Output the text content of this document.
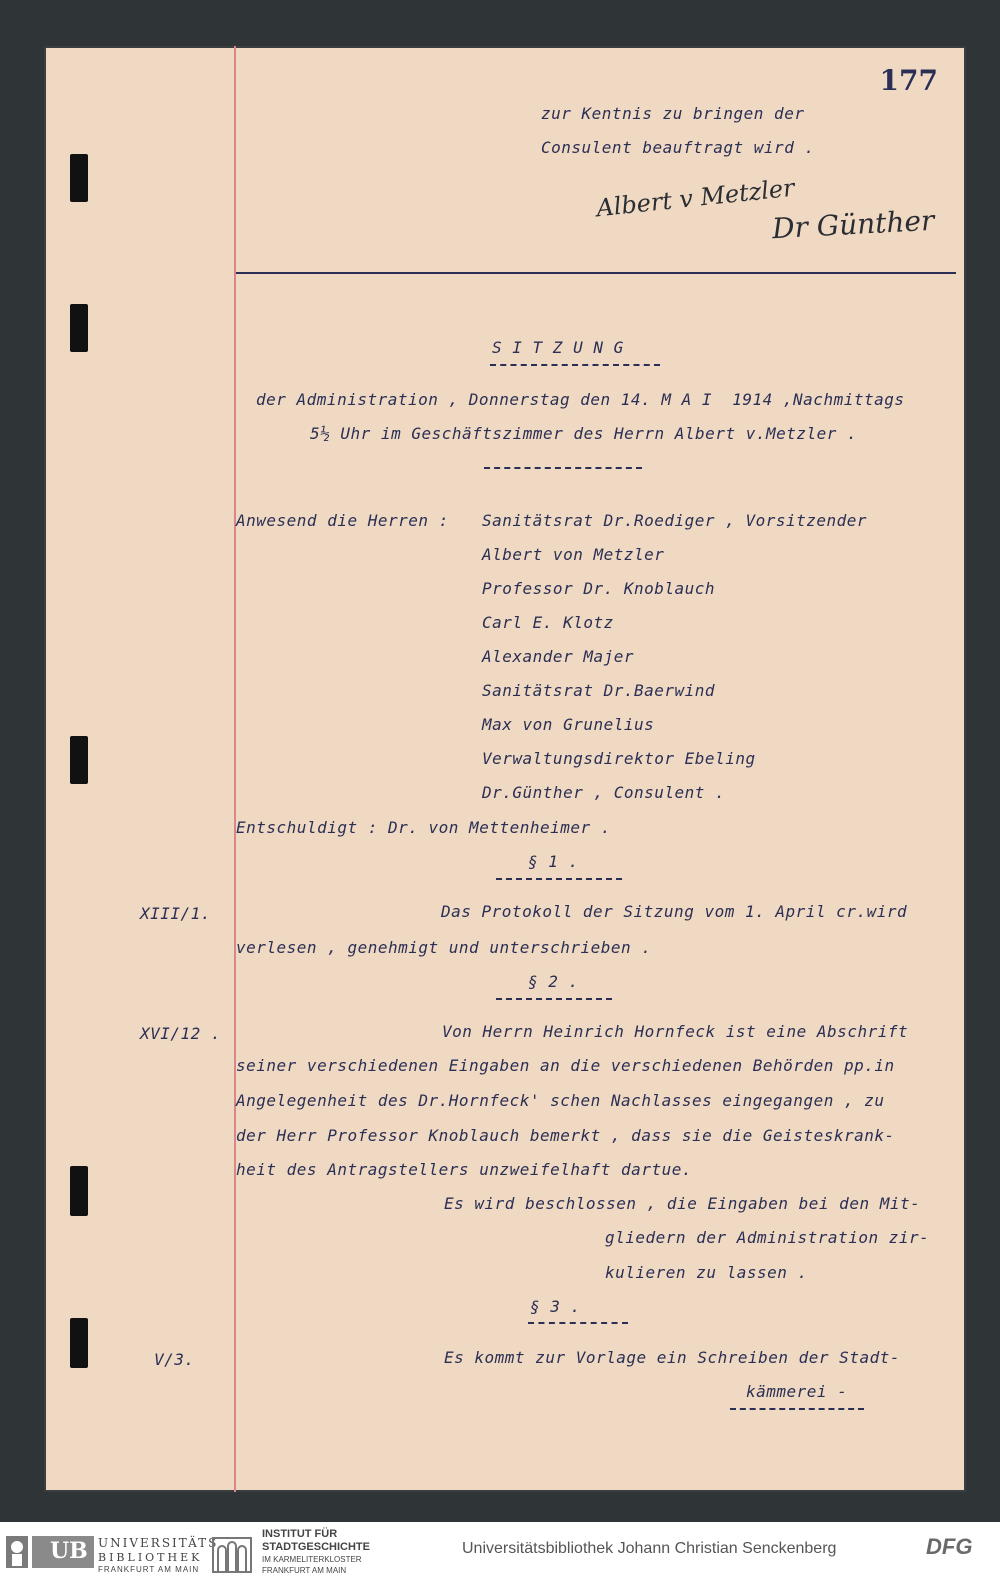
177
zur Kentnis zu bringen der
Consulent beauftragt wird .
Albert v Metzler
Dr Günther
S I T Z U N G
der Administration , Donnerstag den 14. M A I  1914 ,Nachmittags
5½ Uhr im Geschäftszimmer des Herrn Albert v.Metzler .
Anwesend die Herren : Sanitätsrat Dr.Roediger , Vorsitzender
Albert von Metzler
Professor Dr. Knoblauch
Carl E. Klotz
Alexander Majer
Sanitätsrat Dr.Baerwind
Max von Grunelius
Verwaltungsdirektor Ebeling
Dr.Günther , Consulent .
Entschuldigt : Dr. von Mettenheimer .
§ 1 .
XIII/1.	Das Protokoll der Sitzung vom 1. April cr.wird
verlesen , genehmigt und unterschrieben .
§ 2 .
XVI/12 .	Von Herrn Heinrich Hornfeck ist eine Abschrift
seiner verschiedenen Eingaben an die verschiedenen Behörden pp.in
Angelegenheit des Dr.Hornfeck' schen Nachlasses eingegangen , zu
der Herr Professor Knoblauch bemerkt , dass sie die Geisteskrank-
heit des Antragstellers unzweifelhaft dartue.
Es wird beschlossen , die Eingaben bei den Mit-
gliedern der Administration zir-
kulieren zu lassen .
§ 3 .
V/3.	Es kommt zur Vorlage ein Schreiben der Stadt-
kämmerei -
UB UNIVERSITÄTS
BIBLIOTHEK
FRANKFURT AM MAIN
INSTITUT FÜR
STADTGESCHICHTE
IM KARMELITERKLOSTER
FRANKFURT AM MAIN
Universitätsbibliothek Johann Christian Senckenberg	DFG
